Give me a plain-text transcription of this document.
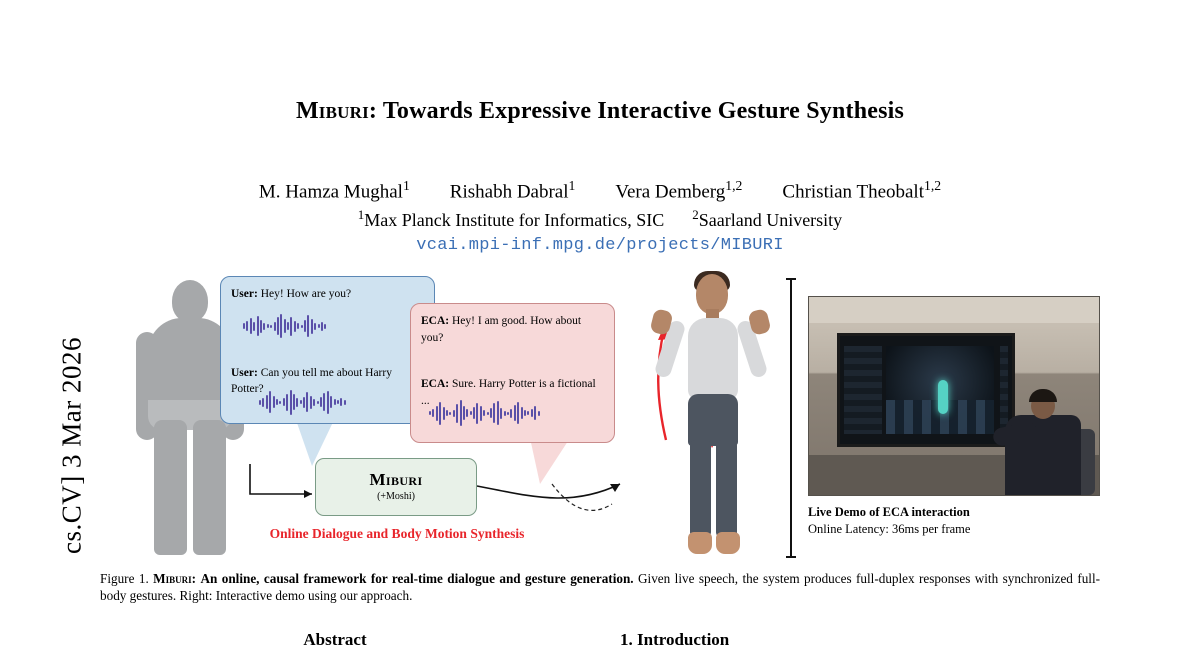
cs.CV] 3 Mar 2026
Miburi: Towards Expressive Interactive Gesture Synthesis
M. Hamza Mughal$^1$ Rishabh Dabral$^1$ Vera Demberg$^{1,2}$ Christian Theobalt$^{1,2}$
$^1$Max Planck Institute for Informatics, SIC $^2$Saarland University
vcai.mpi-inf.mpg.de/projects/MIBURI
User: Hey! How are you?
User: Can you tell me about Harry Potter?
ECA: Hey! I am good. How about you?
ECA: Sure. Harry Potter is a fictional ...
Miburi
(+Moshi)
Online Dialogue and Body Motion Synthesis
Live Demo of ECA interaction
Online Latency: 36ms per frame
Figure 1. Miburi: An online, causal framework for real-time dialogue and gesture generation. Given live speech, the system produces full-duplex responses with synchronized full-body gestures. Right: Interactive demo using our approach.
Abstract	1. Introduction
